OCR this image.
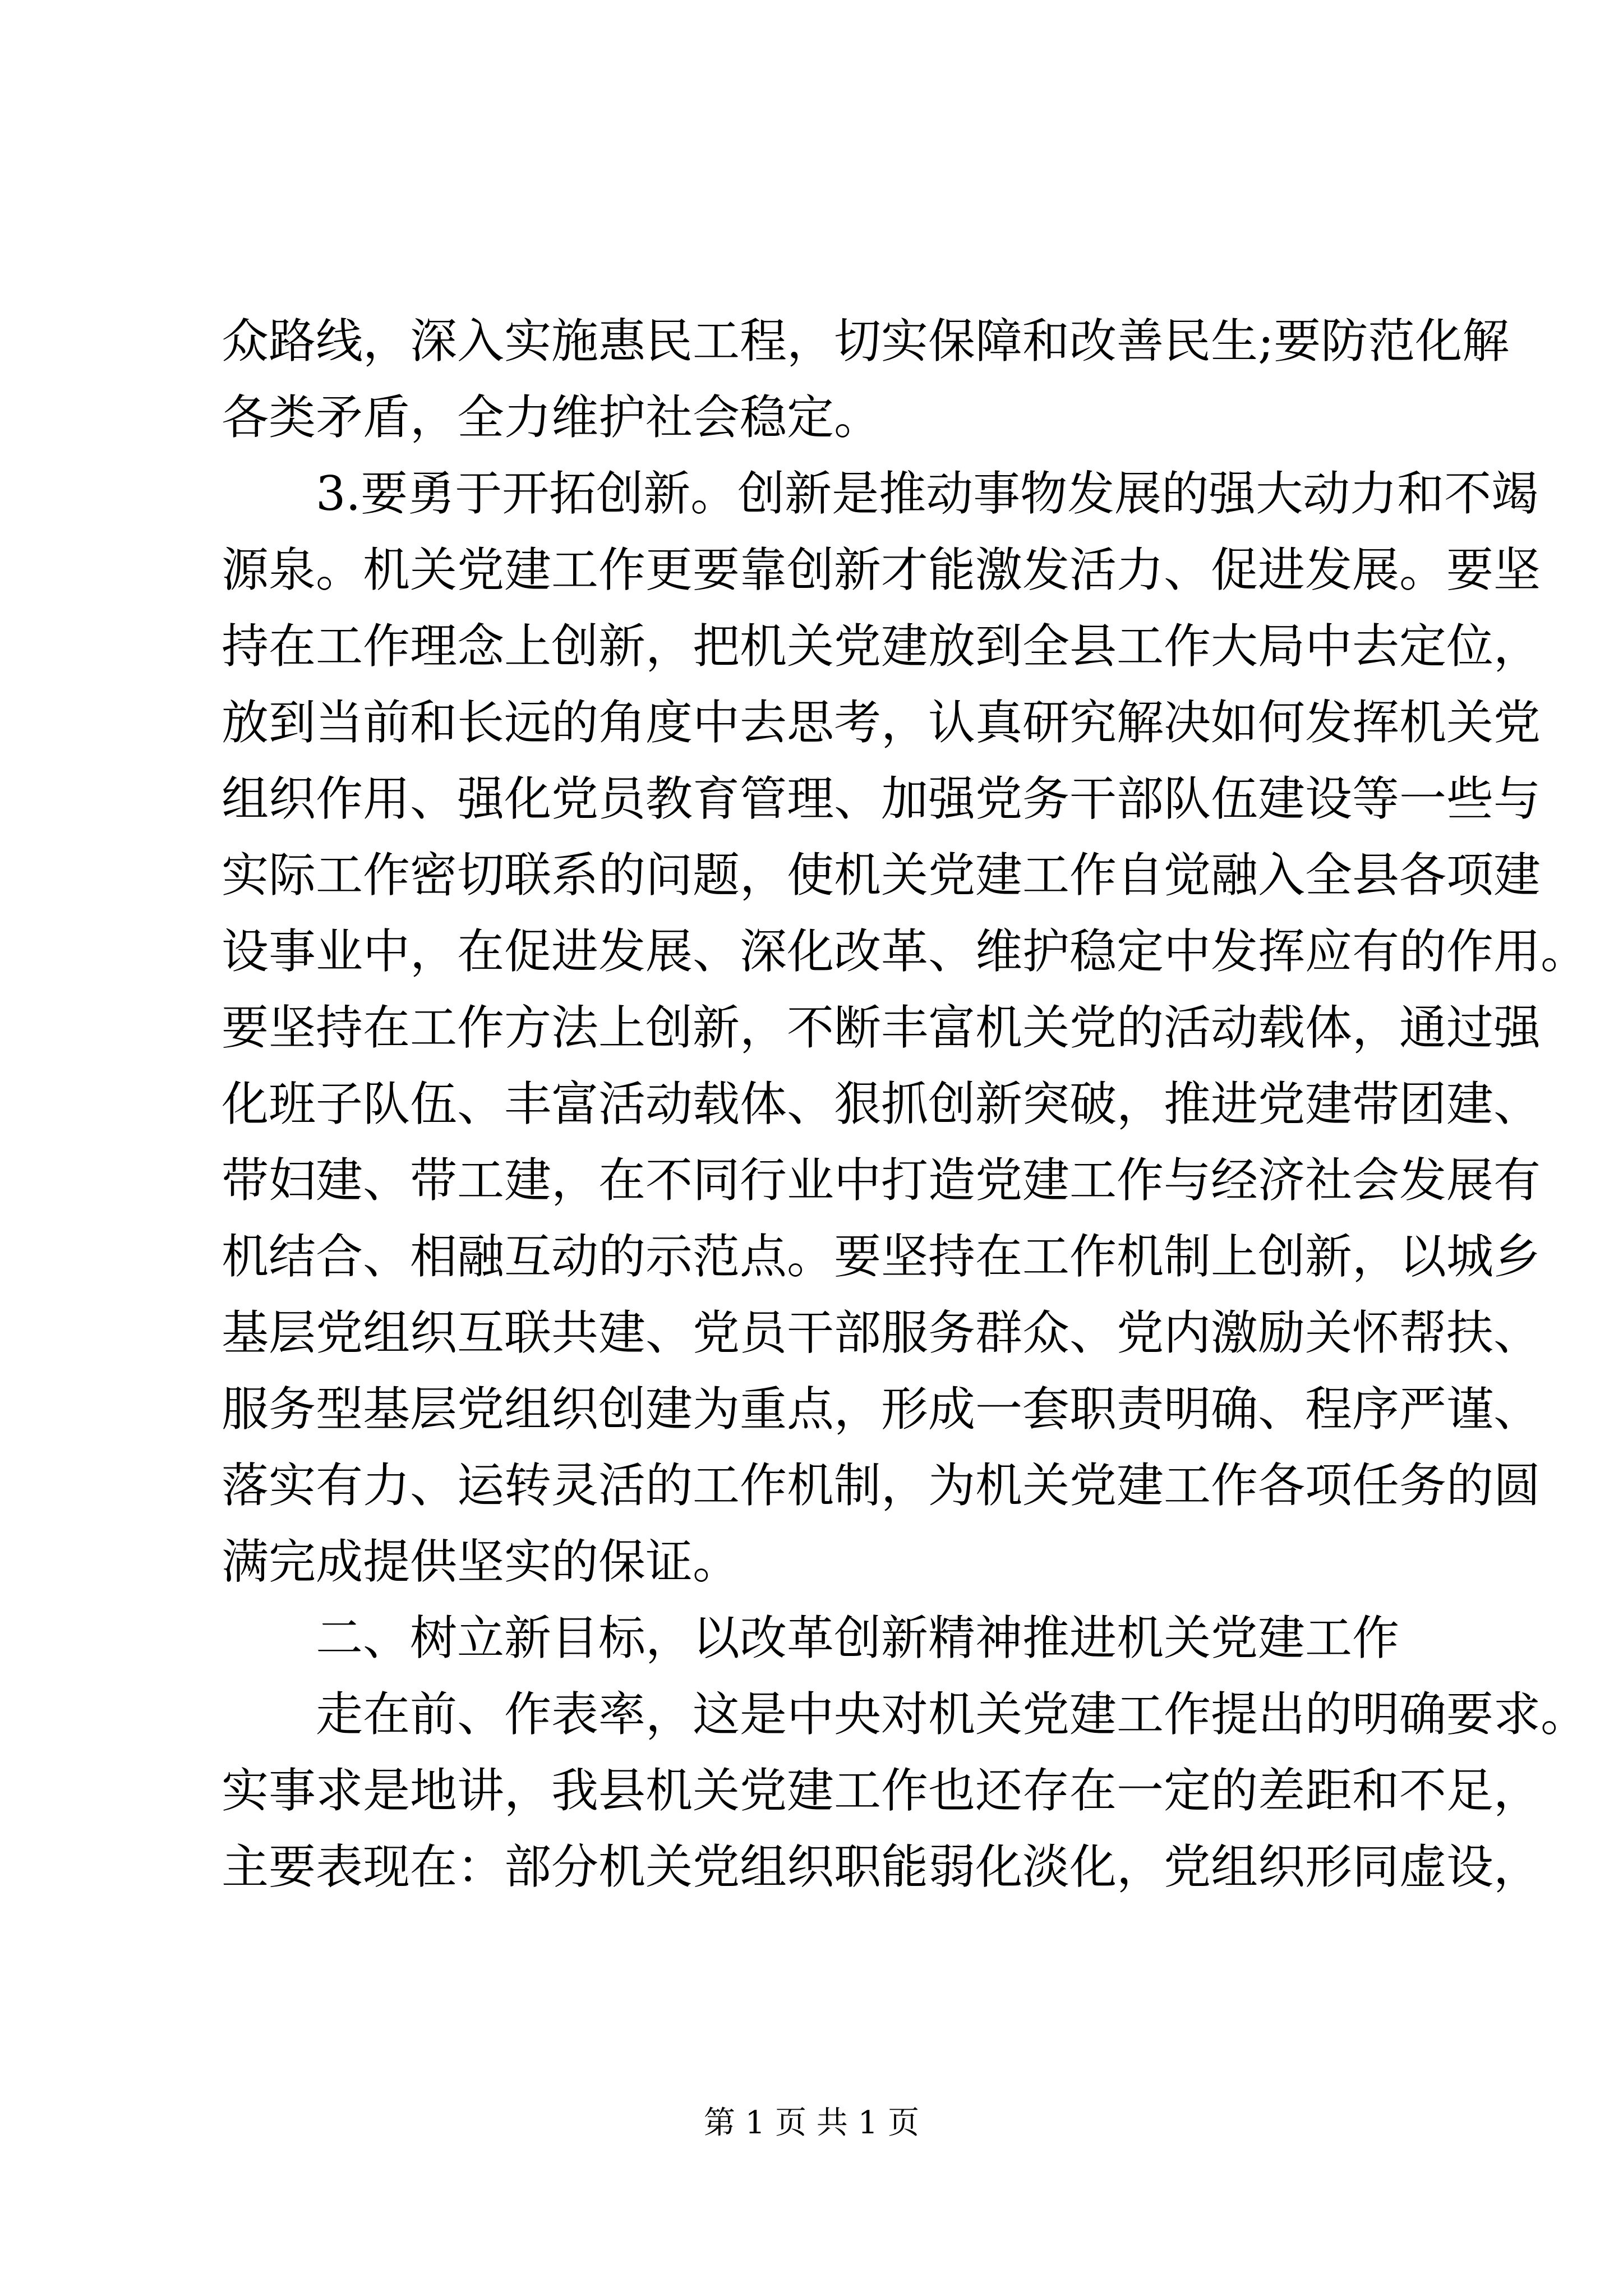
众路线，深入实施惠民工程，切实保障和改善民生;要防范化解
各类矛盾，全力维护社会稳定。
3.要勇于开拓创新。创新是推动事物发展的强大动力和不竭
源泉。机关党建工作更要靠创新才能激发活力、促进发展。要坚
持在工作理念上创新，把机关党建放到全县工作大局中去定位，
放到当前和长远的角度中去思考，认真研究解决如何发挥机关党
组织作用、强化党员教育管理、加强党务干部队伍建设等一些与
实际工作密切联系的问题，使机关党建工作自觉融入全县各项建
设事业中，在促进发展、深化改革、维护稳定中发挥应有的作用。
要坚持在工作方法上创新，不断丰富机关党的活动载体，通过强
化班子队伍、丰富活动载体、狠抓创新突破，推进党建带团建、
带妇建、带工建，在不同行业中打造党建工作与经济社会发展有
机结合、相融互动的示范点。要坚持在工作机制上创新，以城乡
基层党组织互联共建、党员干部服务群众、党内激励关怀帮扶、
服务型基层党组织创建为重点，形成一套职责明确、程序严谨、
落实有力、运转灵活的工作机制，为机关党建工作各项任务的圆
满完成提供坚实的保证。
二、树立新目标，以改革创新精神推进机关党建工作
走在前、作表率，这是中央对机关党建工作提出的明确要求。
实事求是地讲，我县机关党建工作也还存在一定的差距和不足，
主要表现在：部分机关党组织职能弱化淡化，党组织形同虚设，
第 1 页 共 1 页
